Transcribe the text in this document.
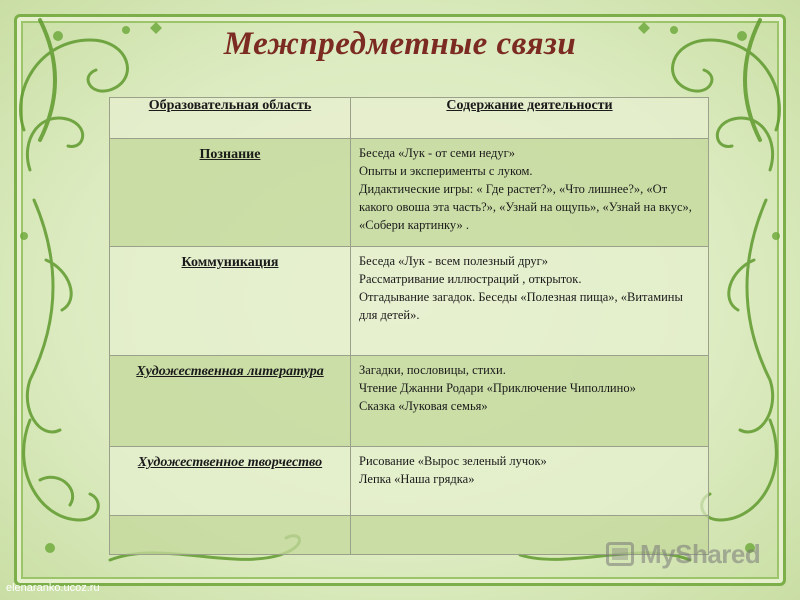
Межпредметные связи
Образовательная область	Содержание деятельности
Познание	Беседа «Лук - от семи недуг»
Опыты и эксперименты с луком.
Дидактические игры: « Где растет?», «Что лишнее?», «От какого овоша эта часть?», «Узнай на ощупь», «Узнай на вкус», «Собери картинку» .

Коммуникация	Беседа «Лук - всем полезный друг»
Рассматривание иллюстраций , открыток.
Отгадывание загадок. Беседы «Полезная пища», «Витамины для детей».

Художественная литература	Загадки, пословицы, стихи.
Чтение Джанни Родари «Приключение Чиполлино»
Сказка «Луковая семья»

Художественное творчество	Рисование «Вырос зеленый лучок»
Лепка «Наша грядка»

MyShared
elenaranko.ucoz.ru
